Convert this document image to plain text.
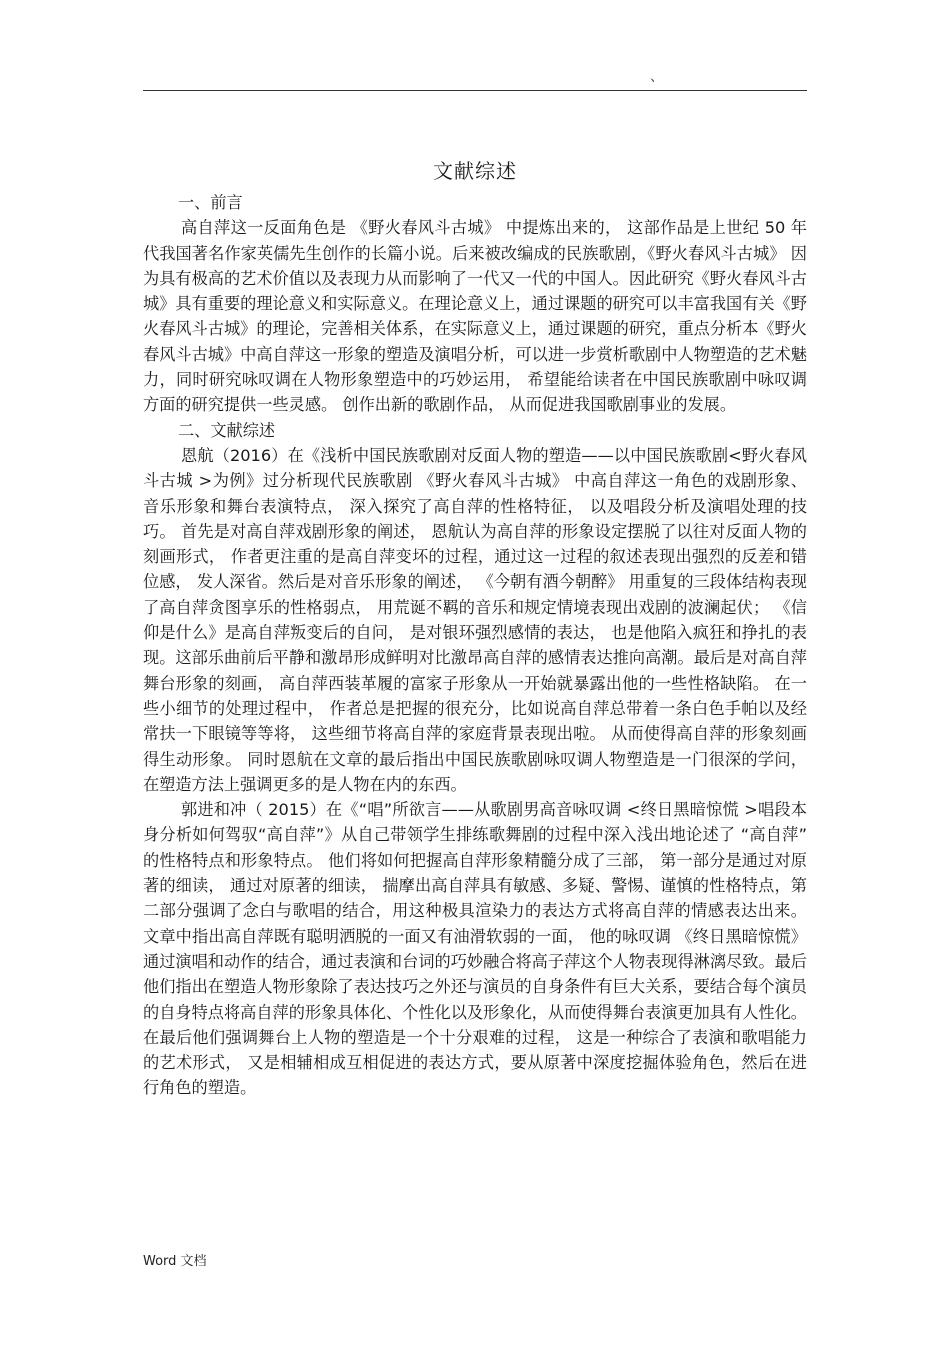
、
文献综述

一、前言

高自萍这一反面角色是 《野火春风斗古城》 中提炼出来的， 这部作品是上世纪 50 年代我国著名作家英儒先生创作的长篇小说。后来被改编成的民族歌剧，《野火春风斗古城》 因为具有极高的艺术价值以及表现力从而影响了一代又一代的中国人。因此研究《野火春风斗古城》具有重要的理论意义和实际意义。在理论意义上，通过课题的研究可以丰富我国有关《野火春风斗古城》的理论，完善相关体系，在实际意义上，通过课题的研究，重点分析本《野火春风斗古城》中高自萍这一形象的塑造及演唱分析，可以进一步赏析歌剧中人物塑造的艺术魅力，同时研究咏叹调在人物形象塑造中的巧妙运用， 希望能给读者在中国民族歌剧中咏叹调方面的研究提供一些灵感。 创作出新的歌剧作品， 从而促进我国歌剧事业的发展。

二、文献综述

恩航（2016）在《浅析中国民族歌剧对反面人物的塑造——以中国民族歌剧<野火春风斗古城 >为例》过分析现代民族歌剧 《野火春风斗古城》 中高自萍这一角色的戏剧形象、 音乐形象和舞台表演特点， 深入探究了高自萍的性格特征， 以及唱段分析及演唱处理的技巧。 首先是对高自萍戏剧形象的阐述， 恩航认为高自萍的形象设定摆脱了以往对反面人物的刻画形式， 作者更注重的是高自萍变坏的过程，通过这一过程的叙述表现出强烈的反差和错位感， 发人深省。然后是对音乐形象的阐述， 《今朝有酒今朝醉》 用重复的三段体结构表现了高自萍贪图享乐的性格弱点， 用荒诞不羁的音乐和规定情境表现出戏剧的波澜起伏； 《信仰是什么》是高自萍叛变后的自问， 是对银环强烈感情的表达， 也是他陷入疯狂和挣扎的表现。这部乐曲前后平静和激昂形成鲜明对比激昂高自萍的感情表达推向高潮。最后是对高自萍舞台形象的刻画， 高自萍西装革履的富家子形象从一开始就暴露出他的一些性格缺陷。 在一些小细节的处理过程中， 作者总是把握的很充分，比如说高自萍总带着一条白色手帕以及经常扶一下眼镜等等将， 这些细节将高自萍的家庭背景表现出啦。 从而使得高自萍的形象刻画得生动形象。 同时恩航在文章的最后指出中国民族歌剧咏叹调人物塑造是一门很深的学问， 在塑造方法上强调更多的是人物在内的东西。

郭进和冲（ 2015）在《“唱”所欲言——从歌剧男高音咏叹调 <终日黑暗惊慌 >唱段本身分析如何驾驭“高自萍”》从自己带领学生排练歌舞剧的过程中深入浅出地论述了 “高自萍” 的性格特点和形象特点。 他们将如何把握高自萍形象精髓分成了三部， 第一部分是通过对原著的细读， 通过对原著的细读， 揣摩出高自萍具有敏感、多疑、警惕、谨慎的性格特点，第二部分强调了念白与歌唱的结合，用这种极具渲染力的表达方式将高自萍的情感表达出来。 文章中指出高自萍既有聪明洒脱的一面又有油滑软弱的一面， 他的咏叹调 《终日黑暗惊慌》 通过演唱和动作的结合，通过表演和台词的巧妙融合将高子萍这个人物表现得淋漓尽致。最后他们指出在塑造人物形象除了表达技巧之外还与演员的自身条件有巨大关系，要结合每个演员的自身特点将高自萍的形象具体化、个性化以及形象化，从而使得舞台表演更加具有人性化。 在最后他们强调舞台上人物的塑造是一个十分艰难的过程， 这是一种综合了表演和歌唱能力的艺术形式， 又是相辅相成互相促进的表达方式，要从原著中深度挖掘体验角色，然后在进行角色的塑造。

Word 文档
